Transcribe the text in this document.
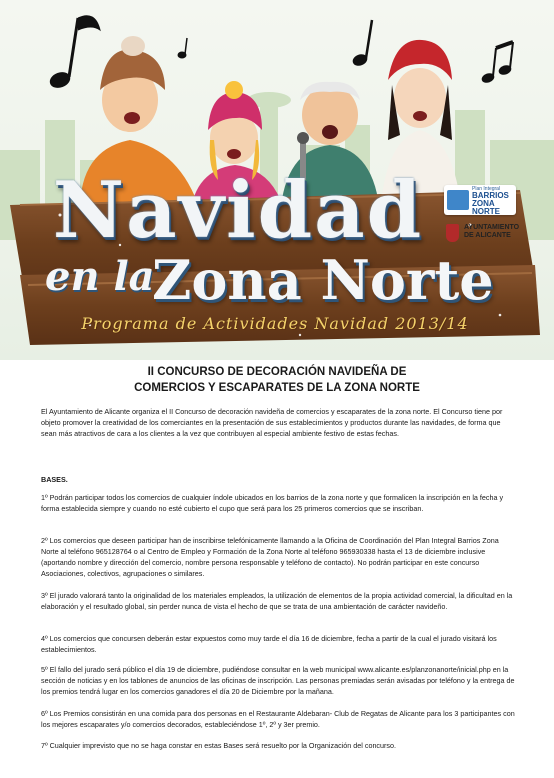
Navidad
en la
Zona Norte
Programa de Actividades Navidad 2013/14
Plan Integral
BARRIOS ZONA NORTE
AYUNTAMIENTO DE ALICANTE
II CONCURSO DE DECORACIÓN NAVIDEÑA DE
COMERCIOS Y ESCAPARATES DE LA ZONA NORTE
El Ayuntamiento de Alicante organiza el II Concurso de decoración navideña de comercios y escaparates de la zona norte. El Concurso tiene por objeto promover la creatividad de los comerciantes en la presentación de sus establecimientos y productos durante las navidades, de forma que sean más atractivos de cara a los clientes a la vez que contribuyen al especial ambiente festivo de estas fechas.
BASES.
1º Podrán participar todos los comercios de cualquier índole ubicados en los barrios de la zona norte y que formalicen la inscripción en la fecha y forma establecida siempre y cuando no esté cubierto el cupo que será para los 25 primeros comercios que se inscriban.
2º Los comercios que deseen participar han de inscribirse telefónicamente llamando a la Oficina de Coordinación del Plan Integral Barrios Zona Norte al teléfono 965128764 o al Centro de Empleo y Formación de la Zona Norte al teléfono 965930338 hasta el 13 de diciembre inclusive (aportando nombre y dirección del comercio, nombre persona responsable y teléfono de contacto). No podrán participar en este concurso Asociaciones, colectivos, agrupaciones o similares.
3º El jurado valorará tanto la originalidad de los materiales empleados, la utilización de elementos de la propia actividad comercial, la dificultad en la elaboración y el resultado global, sin perder nunca de vista el hecho de que se trata de una ambientación de carácter navideño.
4º Los comercios que concursen deberán estar expuestos como muy tarde el día 16 de diciembre, fecha a partir de la cual el jurado visitará los establecimientos.
5º El fallo del jurado será público el día 19 de diciembre, pudiéndose consultar en la web municipal www.alicante.es/planzonanorte/inicial.php en la sección de noticias y en los tablones de anuncios de las oficinas de inscripción. Las personas premiadas serán avisadas por teléfono y la entrega de los premios tendrá lugar en los comercios ganadores el día 20 de Diciembre por la mañana.
6º Los Premios consistirán en una comida para dos personas en el Restaurante Aldebaran- Club de Regatas de Alicante para los 3 participantes con los mejores escaparates y/o comercios decorados, estableciéndose 1º, 2º y 3er premio.
7º Cualquier imprevisto que no se haga constar en estas Bases será resuelto por la Organización del concurso.
